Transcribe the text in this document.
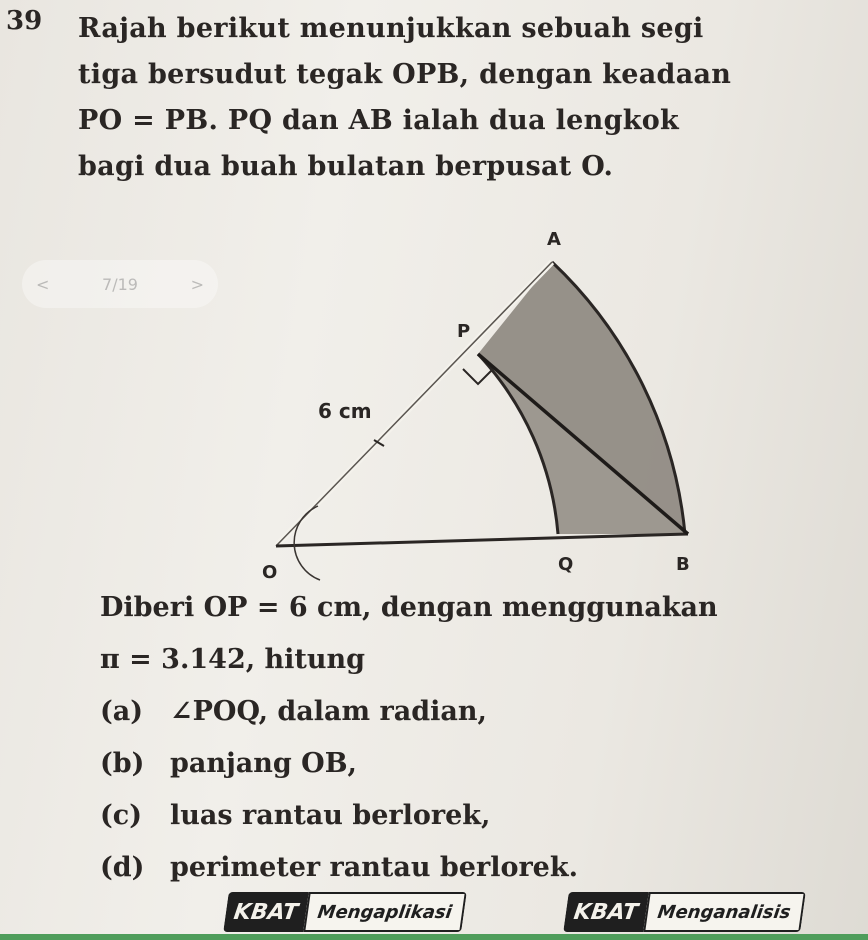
39 Rajah berikut menunjukkan sebuah segi
tiga bersudut tegak OPB, dengan keadaan
PO = PB. PQ dan AB ialah dua lengkok
bagi dua buah bulatan berpusat O.
<	7/19	>
A
P
6 cm
O	Q	B
Diberi OP = 6 cm, dengan menggunakan
π = 3.142, hitung
(a) ∠POQ, dalam radian,
(b) panjang OB,
(c)	luas rantau berlorek,
(d) perimeter rantau berlorek.
KBAT Mengaplikasi	KBAT Menganalisis
